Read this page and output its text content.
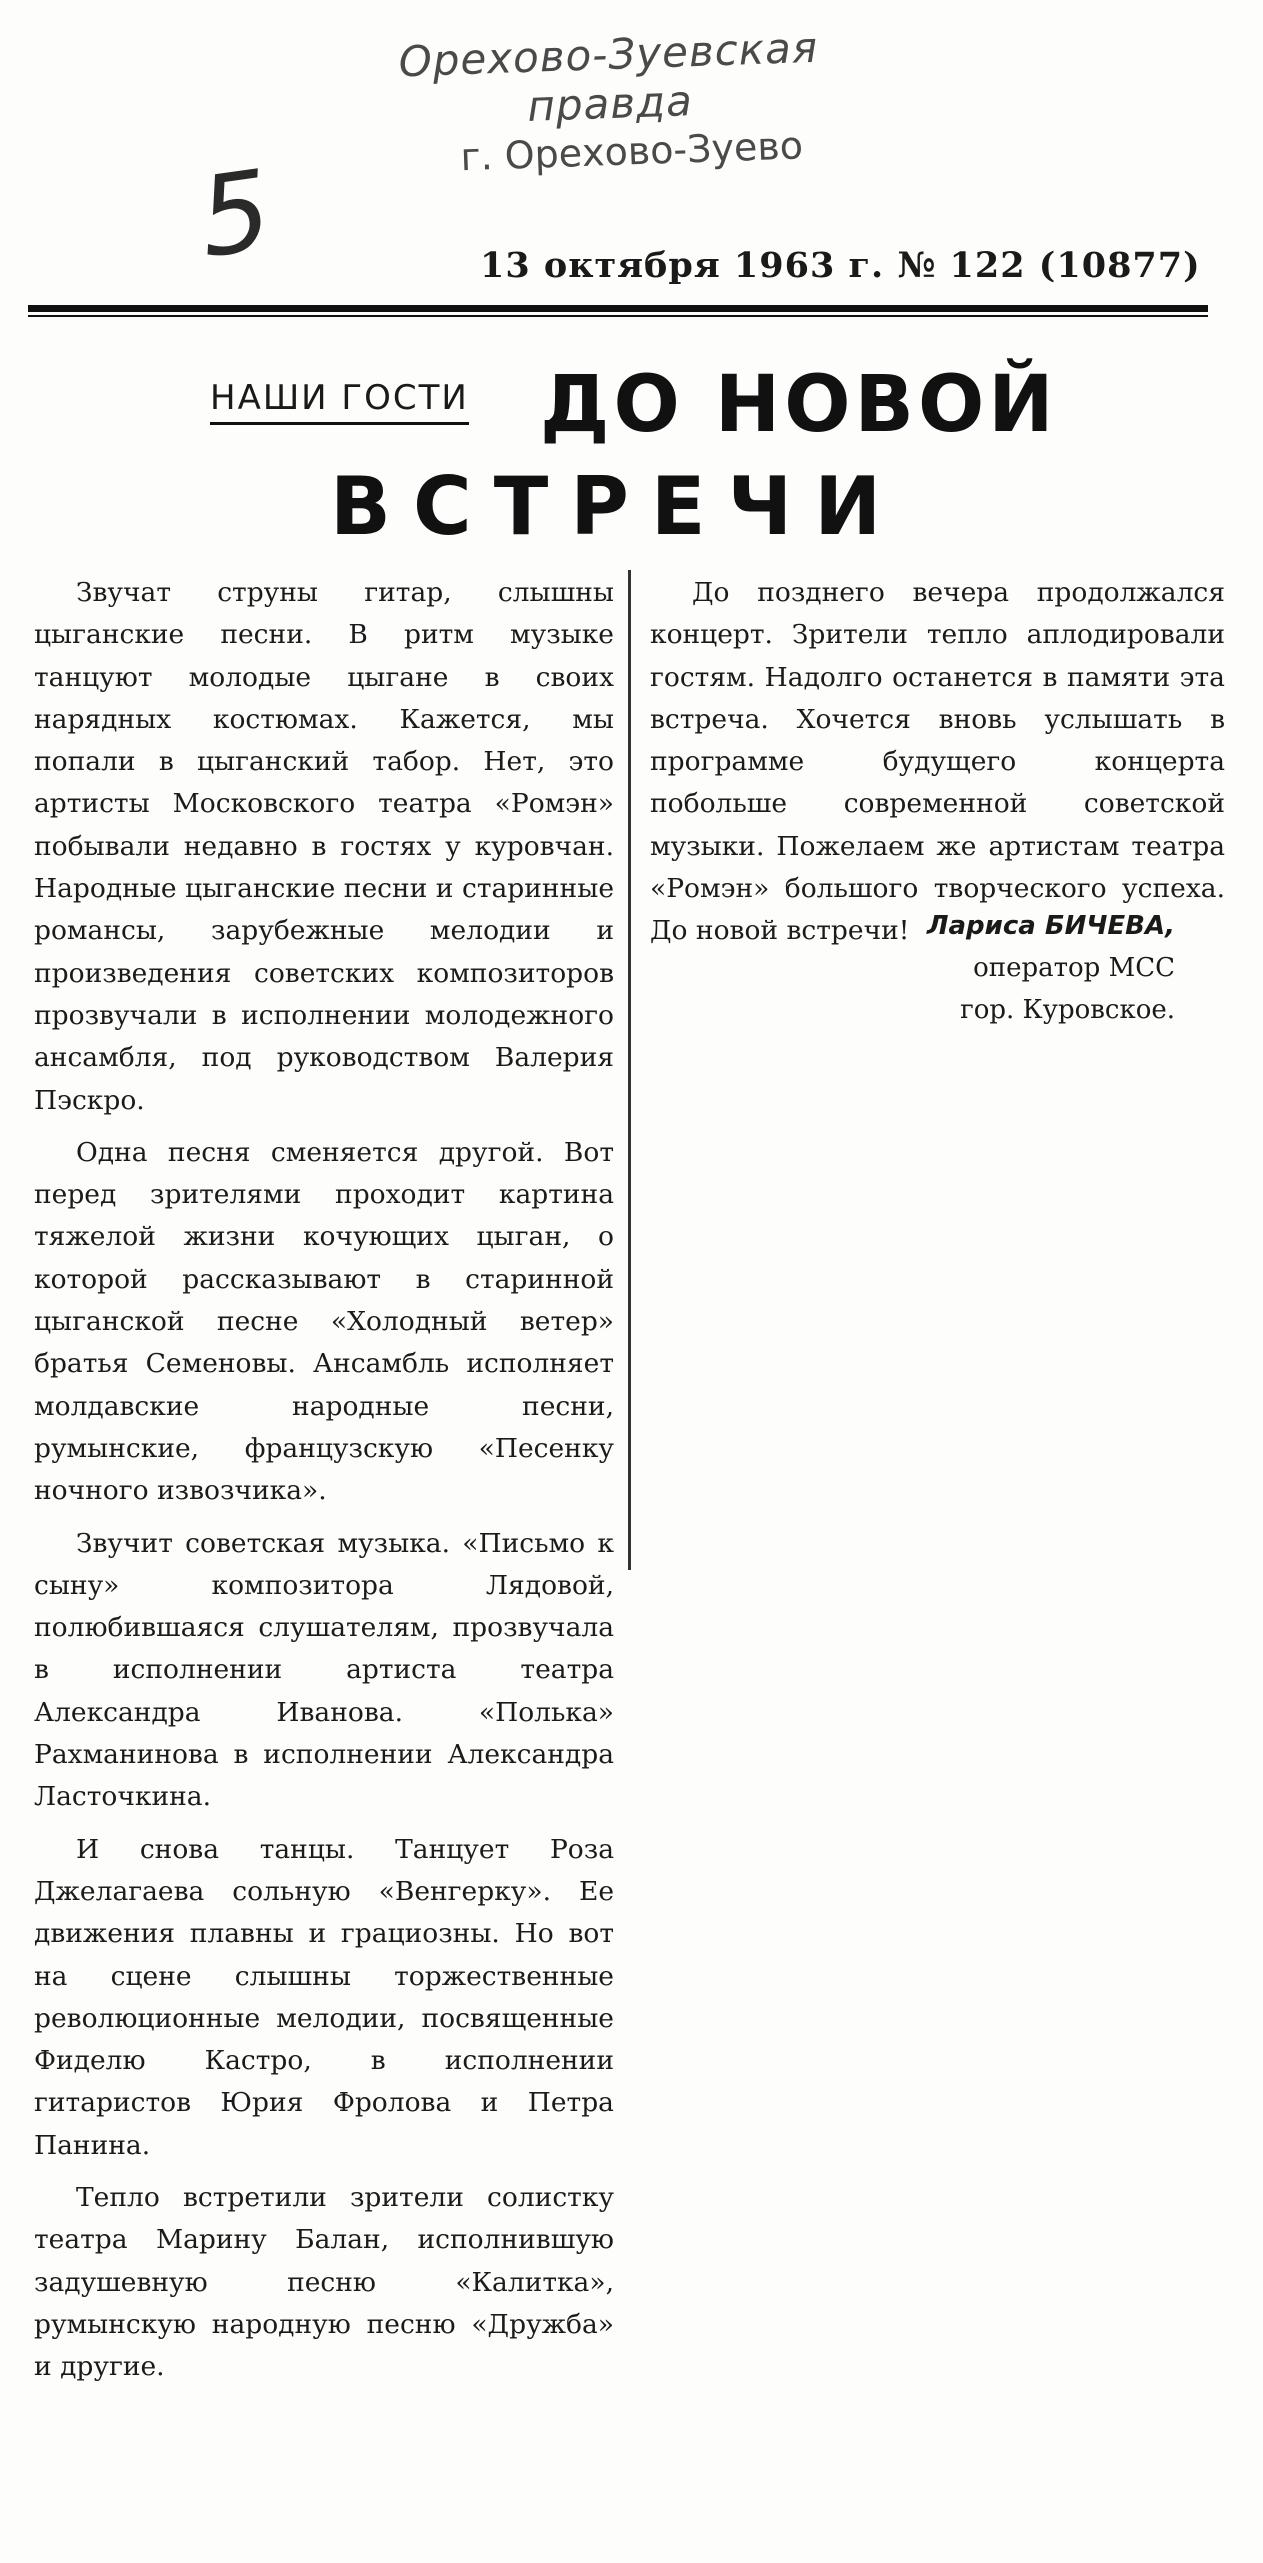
Орехово-Зуевская правда
г. Орехово-Зуево
5	13 октября 1963 г. № 122 (10877)
НАШИ ГОСТИ ДО НОВОЙ
ВСТРЕЧИ

Звучат струны гитар, слышны цыганские песни. В ритм музыке танцуют молодые цыгане в своих нарядных костюмах. Кажется, мы попали в цыганский табор. Нет, это артисты Московского театра «Ромэн» побывали недавно в гостях у куровчан. Народные цыганские песни и старинные романсы, зарубежные мелодии и произведения советских композиторов прозвучали в исполнении молодежного ансамбля, под руководством Валерия Пэскро.

Одна песня сменяется другой. Вот перед зрителями проходит картина тяжелой жизни кочующих цыган, о которой рассказывают в старинной цыганской песне «Холодный ветер» братья Семеновы. Ансамбль исполняет молдавские народные песни, румынские, французскую «Песенку ночного извозчика».

Звучит советская музыка. «Письмо к сыну» композитора Лядовой, полюбившаяся слушателям, прозвучала в исполнении артиста театра Александра Иванова. «Полька» Рахманинова в исполнении Александра Ласточкина.

И снова танцы. Танцует Роза Джелагаева сольную «Венгерку». Ее движения плавны и грациозны. Но вот на сцене слышны торжественные революционные мелодии, посвященные Фиделю Кастро, в исполнении гитаристов Юрия Фролова и Петра Панина.

Тепло встретили зрители солистку театра Марину Балан, исполнившую задушевную песню «Калитка», румынскую народную песню «Дружба» и другие.

До позднего вечера продолжался концерт. Зрители тепло аплодировали гостям. Надолго останется в памяти эта встреча. Хочется вновь услышать в программе будущего концерта побольше современной советской музыки. Пожелаем же артистам театра «Ромэн» большого творческого успеха. До новой встречи! Лариса БИЧЕВА,
оператор МСС
гор. Куровское.
